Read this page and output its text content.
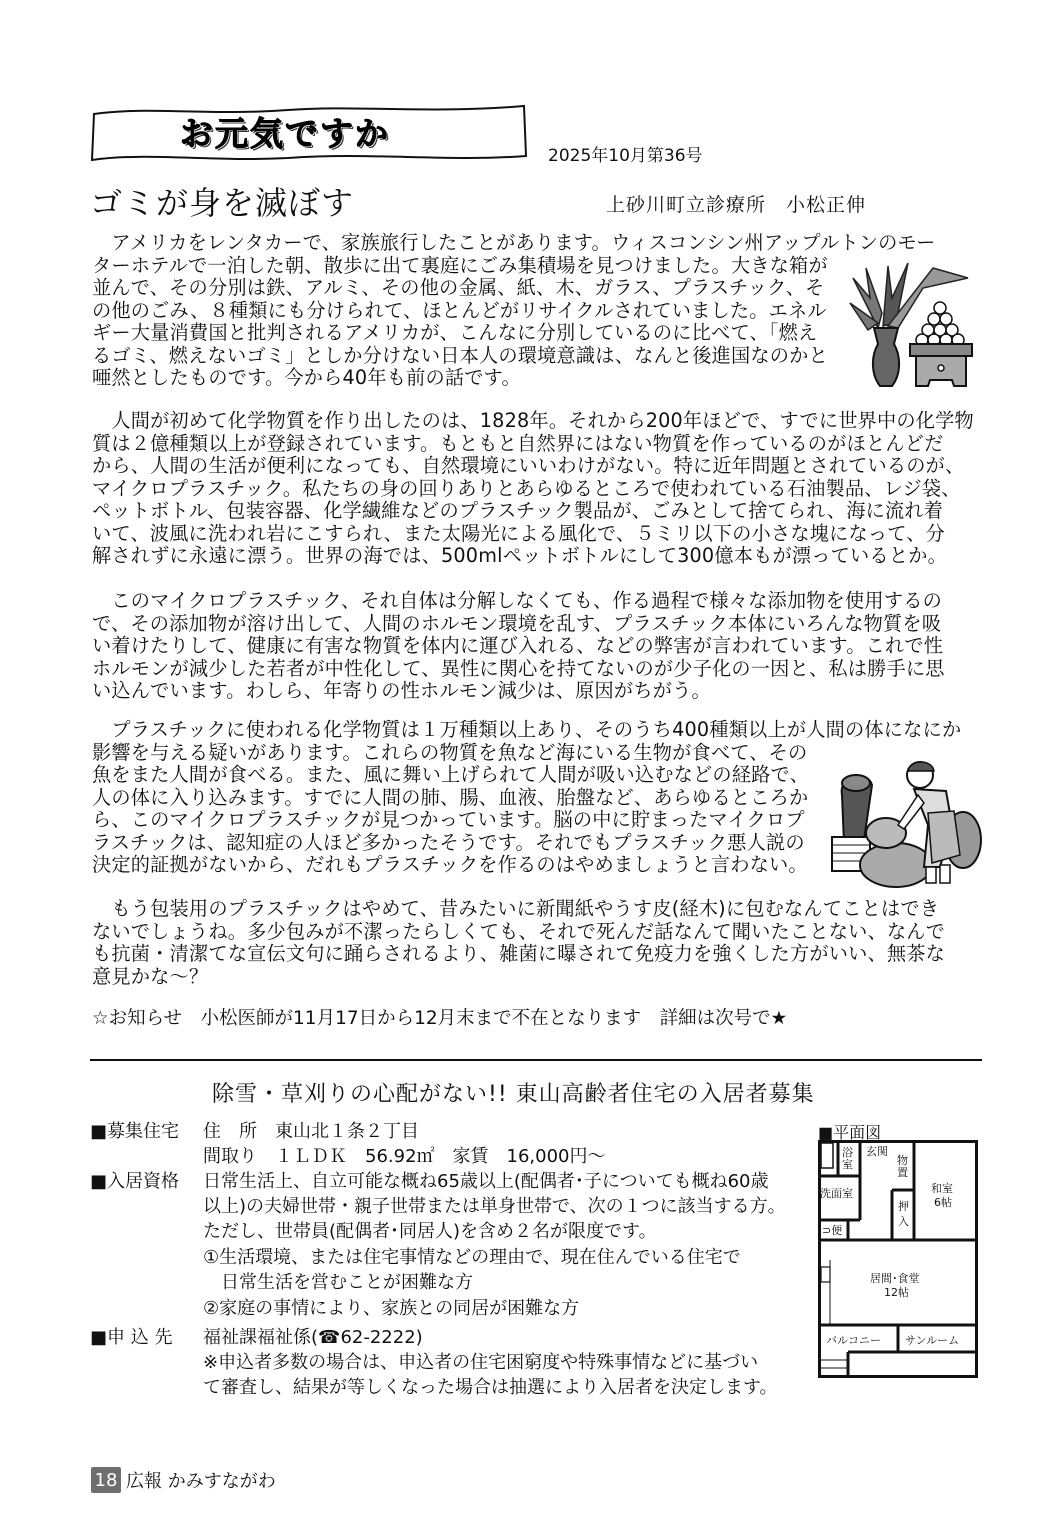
お元気ですか
2025年10月第36号
ゴミが身を滅ぼす	上砂川町立診療所　小松正伸
　アメリカをレンタカーで、家族旅行したことがあります。ウィスコンシン州アップルトンのモー
ターホテルで一泊した朝、散歩に出て裏庭にごみ集積場を見つけました。大きな箱が
並んで、その分別は鉄、アルミ、その他の金属、紙、木、ガラス、プラスチック、そ
の他のごみ、８種類にも分けられて、ほとんどがリサイクルされていました。エネル
ギー大量消費国と批判されるアメリカが、こんなに分別しているのに比べて、「燃え
るゴミ、燃えないゴミ」としか分けない日本人の環境意識は、なんと後進国なのかと
唖然としたものです。今から40年も前の話です。
　人間が初めて化学物質を作り出したのは、1828年。それから200年ほどで、すでに世界中の化学物
質は２億種類以上が登録されています。もともと自然界にはない物質を作っているのがほとんどだ
から、人間の生活が便利になっても、自然環境にいいわけがない。特に近年問題とされているのが、
マイクロプラスチック。私たちの身の回りありとあらゆるところで使われている石油製品、レジ袋、
ペットボトル、包装容器、化学繊維などのプラスチック製品が、ごみとして捨てられ、海に流れ着
いて、波風に洗われ岩にこすられ、また太陽光による風化で、５ミリ以下の小さな塊になって、分
解されずに永遠に漂う。世界の海では、500mlペットボトルにして300億本もが漂っているとか。
　このマイクロプラスチック、それ自体は分解しなくても、作る過程で様々な添加物を使用するの
で、その添加物が溶け出して、人間のホルモン環境を乱す、プラスチック本体にいろんな物質を吸
い着けたりして、健康に有害な物質を体内に運び入れる、などの弊害が言われています。これで性
ホルモンが減少した若者が中性化して、異性に関心を持てないのが少子化の一因と、私は勝手に思
い込んでいます。わしら、年寄りの性ホルモン減少は、原因がちがう。
　プラスチックに使われる化学物質は１万種類以上あり、そのうち400種類以上が人間の体になにか
影響を与える疑いがあります。これらの物質を魚など海にいる生物が食べて、その
魚をまた人間が食べる。また、風に舞い上げられて人間が吸い込むなどの経路で、
人の体に入り込みます。すでに人間の肺、腸、血液、胎盤など、あらゆるところか
ら、このマイクロプラスチックが見つかっています。脳の中に貯まったマイクロプ
ラスチックは、認知症の人ほど多かったそうです。それでもプラスチック悪人説の
決定的証拠がないから、だれもプラスチックを作るのはやめましょうと言わない。
　もう包装用のプラスチックはやめて、昔みたいに新聞紙やうす皮(経木)に包むなんてことはでき
ないでしょうね。多少包みが不潔ったらしくても、それで死んだ話なんて聞いたことない、なんで
も抗菌・清潔てな宣伝文句に踊らされるより、雑菌に曝されて免疫力を強くした方がいい、無茶な
意見かな～？
☆お知らせ　小松医師が11月17日から12月末まで不在となります　詳細は次号で★
除雪・草刈りの心配がない!! 東山高齢者住宅の入居者募集
■募集住宅 住　所　東山北１条２丁目
間取り　１ＬＤＫ　56.92㎡　家賃　16,000円～
■入居資格 日常生活上、自立可能な概ね65歳以上(配偶者･子についても概ね60歳
以上)の夫婦世帯・親子世帯または単身世帯で、次の１つに該当する方。
ただし、世帯員(配偶者･同居人)を含め２名が限度です。
①生活環境、または住宅事情などの理由で、現在住んでいる住宅で
　日常生活を営むことが困難な方
②家庭の事情により、家族との同居が困難な方
■申 込 先 福祉課福祉係(☎62-2222)
※申込者多数の場合は、申込者の住宅困窮度や特殊事情などに基づい
て審査し、結果が等しくなった場合は抽選により入居者を決定します。
■平面図
浴
室
玄関
物
置
洗面室
⊃便
押
入
和室
6帖
居間･食堂
12帖
バルコニー サンルーム
18 広報 かみすながわ
